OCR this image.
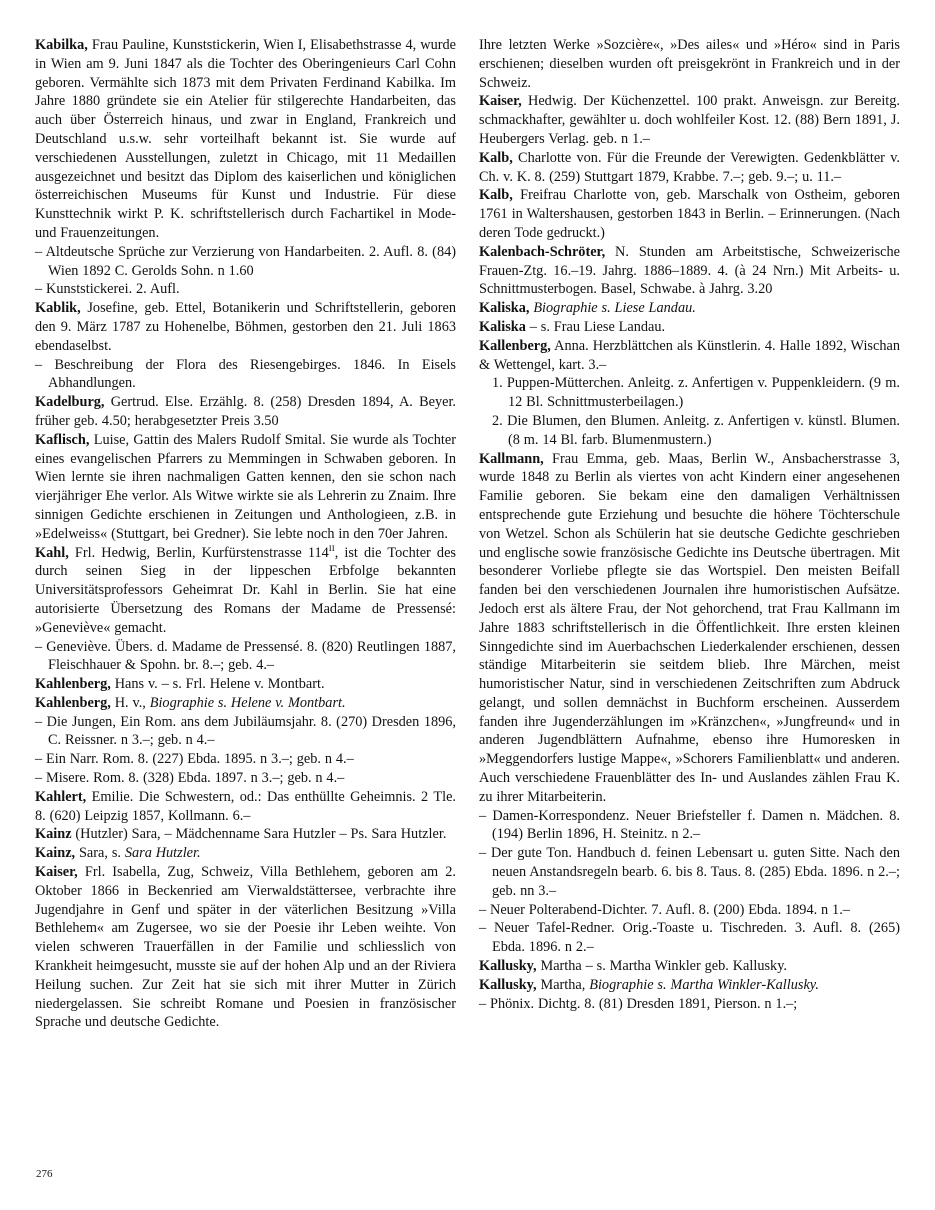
Kabilka, Frau Pauline, Kunststickerin, Wien I, Elisabethstrasse 4, wurde in Wien am 9. Juni 1847 als die Tochter des Oberingenieurs Carl Cohn geboren. Vermählte sich 1873 mit dem Privaten Ferdinand Kabilka. Im Jahre 1880 gründete sie ein Atelier für stilgerechte Handarbeiten, das auch über Österreich hinaus, und zwar in England, Frankreich und Deutschland u.s.w. sehr vorteilhaft bekannt ist. Sie wurde auf verschiedenen Ausstellungen, zuletzt in Chicago, mit 11 Medaillen ausgezeichnet und besitzt das Diplom des kaiserlichen und königlichen österreichischen Museums für Kunst und Industrie. Für diese Kunsttechnik wirkt P. K. schriftstellerisch durch Fachartikel in Mode- und Frauenzeitungen.

– Altdeutsche Sprüche zur Verzierung von Handarbeiten. 2. Aufl. 8. (84) Wien 1892 C. Gerolds Sohn. n 1.60

– Kunststickerei. 2. Aufl.

Kablik, Josefine, geb. Ettel, Botanikerin und Schriftstellerin, geboren den 9. März 1787 zu Hohenelbe, Böhmen, gestorben den 21. Juli 1863 ebendaselbst.

– Beschreibung der Flora des Riesengebirges. 1846. In Eisels Abhandlungen.

Kadelburg, Gertrud. Else. Erzählg. 8. (258) Dresden 1894, A. Beyer. früher geb. 4.50; herabgesetzter Preis 3.50

Kaflisch, Luise, Gattin des Malers Rudolf Smital. Sie wurde als Tochter eines evangelischen Pfarrers zu Memmingen in Schwaben geboren. In Wien lernte sie ihren nachmaligen Gatten kennen, den sie schon nach vierjähriger Ehe verlor. Als Witwe wirkte sie als Lehrerin zu Znaim. Ihre sinnigen Gedichte erschienen in Zeitungen und Anthologieen, z.B. in »Edelweiss« (Stuttgart, bei Gredner). Sie lebte noch in den 70er Jahren.

Kahl, Frl. Hedwig, Berlin, Kurfürstenstrasse $114^{II}$, ist die Tochter des durch seinen Sieg in der lippeschen Erbfolge bekannten Universitätsprofessors Geheimrat Dr. Kahl in Berlin. Sie hat eine autorisierte Übersetzung des Romans der Madame de Pressensé: »Geneviève« gemacht.

– Geneviève. Übers. d. Madame de Pressensé. 8. (820) Reutlingen 1887, Fleischhauer & Spohn. br. 8.–; geb. 4.–

Kahlenberg, Hans v. – s. Frl. Helene v. Montbart.

Kahlenberg, H. v., Biographie s. Helene v. Montbart.

– Die Jungen, Ein Rom. ans dem Jubiläumsjahr. 8. (270) Dresden 1896, C. Reissner. n 3.–; geb. n 4.–

– Ein Narr. Rom. 8. (227) Ebda. 1895. n 3.–; geb. n 4.–

– Misere. Rom. 8. (328) Ebda. 1897. n 3.–; geb. n 4.–

Kahlert, Emilie. Die Schwestern, od.: Das enthüllte Geheimnis. 2 Tle. 8. (620) Leipzig 1857, Kollmann. 6.–

Kainz (Hutzler) Sara, – Mädchenname Sara Hutzler – Ps. Sara Hutzler.

Kainz, Sara, s. Sara Hutzler.

Kaiser, Frl. Isabella, Zug, Schweiz, Villa Bethlehem, geboren am 2. Oktober 1866 in Beckenried am Vierwaldstättersee, verbrachte ihre Jugendjahre in Genf und später in der väterlichen Besitzung »Villa Bethlehem« am Zugersee, wo sie der Poesie ihr Leben weihte. Von vielen schweren Trauerfällen in der Familie und schliesslich von Krankheit heimgesucht, musste sie auf der hohen Alp und an der Riviera Heilung suchen. Zur Zeit hat sie sich mit ihrer Mutter in Zürich niedergelassen. Sie schreibt Romane und Poesien in französischer Sprache und deutsche Gedichte.

Ihre letzten Werke »Sozcière«, »Des ailes« und »Héro« sind in Paris erschienen; dieselben wurden oft preisgekrönt in Frankreich und in der Schweiz.

Kaiser, Hedwig. Der Küchenzettel. 100 prakt. Anweisgn. zur Bereitg. schmackhafter, gewählter u. doch wohlfeiler Kost. 12. (88) Bern 1891, J. Heubergers Verlag. geb. n 1.–

Kalb, Charlotte von. Für die Freunde der Verewigten. Gedenkblätter v. Ch. v. K. 8. (259) Stuttgart 1879, Krabbe. 7.–; geb. 9.–; u. 11.–

Kalb, Freifrau Charlotte von, geb. Marschalk von Ostheim, geboren 1761 in Waltershausen, gestorben 1843 in Berlin. – Erinnerungen. (Nach deren Tode gedruckt.)

Kalenbach-Schröter, N. Stunden am Arbeitstische, Schweizerische Frauen-Ztg. 16.–19. Jahrg. 1886–1889. 4. (à 24 Nrn.) Mit Arbeits- u. Schnittmusterbogen. Basel, Schwabe. à Jahrg. 3.20

Kaliska, Biographie s. Liese Landau.

Kaliska – s. Frau Liese Landau.

Kallenberg, Anna. Herzblättchen als Künstlerin. 4. Halle 1892, Wischan & Wettengel, kart. 3.–

1. Puppen-Mütterchen. Anleitg. z. Anfertigen v. Puppenkleidern. (9 m. 12 Bl. Schnittmusterbeilagen.)

2. Die Blumen, den Blumen. Anleitg. z. Anfertigen v. künstl. Blumen. (8 m. 14 Bl. farb. Blumenmustern.)

Kallmann, Frau Emma, geb. Maas, Berlin W., Ansbacherstrasse 3, wurde 1848 zu Berlin als viertes von acht Kindern einer angesehenen Familie geboren. Sie bekam eine den damaligen Verhältnissen entsprechende gute Erziehung und besuchte die höhere Töchterschule von Wetzel. Schon als Schülerin hat sie deutsche Gedichte geschrieben und englische sowie französische Gedichte ins Deutsche übertragen. Mit besonderer Vorliebe pflegte sie das Wortspiel. Den meisten Beifall fanden bei den verschiedenen Journalen ihre humoristischen Aufsätze. Jedoch erst als ältere Frau, der Not gehorchend, trat Frau Kallmann im Jahre 1883 schriftstellerisch in die Öffentlichkeit. Ihre ersten kleinen Sinngedichte sind im Auerbachschen Liederkalender erschienen, dessen ständige Mitarbeiterin sie seitdem blieb. Ihre Märchen, meist humoristischer Natur, sind in verschiedenen Zeitschriften zum Abdruck gelangt, und sollen demnächst in Buchform erscheinen. Ausserdem fanden ihre Jugenderzählungen im »Kränzchen«, »Jungfreund« und in anderen Jugendblättern Aufnahme, ebenso ihre Humoresken in »Meggendorfers lustige Mappe«, »Schorers Familienblatt« und anderen. Auch verschiedene Frauenblätter des In- und Auslandes zählen Frau K. zu ihrer Mitarbeiterin.

– Damen-Korrespondenz. Neuer Briefsteller f. Damen n. Mädchen. 8. (194) Berlin 1896, H. Steinitz. n 2.–

– Der gute Ton. Handbuch d. feinen Lebensart u. guten Sitte. Nach den neuen Anstandsregeln bearb. 6. bis 8. Taus. 8. (285) Ebda. 1896. n 2.–; geb. nn 3.–

– Neuer Polterabend-Dichter. 7. Aufl. 8. (200) Ebda. 1894. n 1.–

– Neuer Tafel-Redner. Orig.-Toaste u. Tischreden. 3. Aufl. 8. (265) Ebda. 1896. n 2.–

Kallusky, Martha – s. Martha Winkler geb. Kallusky.

Kallusky, Martha, Biographie s. Martha Winkler-Kallusky.

– Phönix. Dichtg. 8. (81) Dresden 1891, Pierson. n 1.–;

276
